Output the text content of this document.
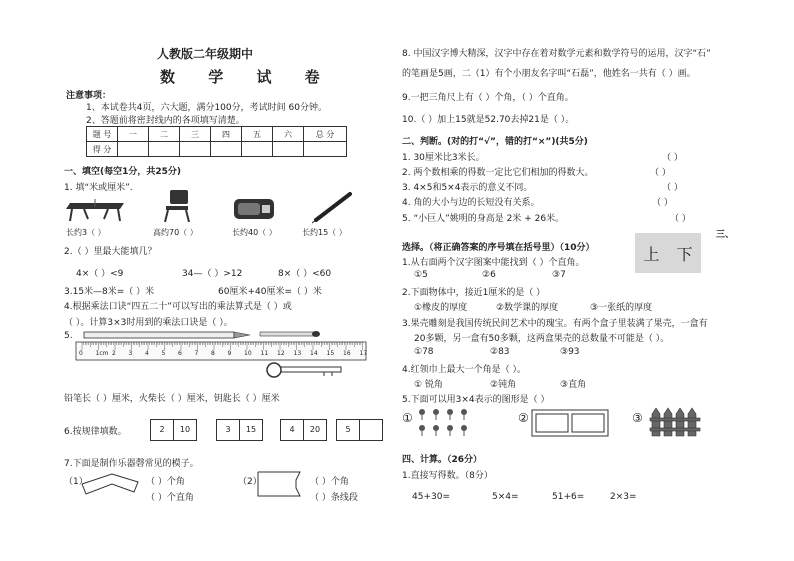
人教版二年级期中
数 学 试 卷
注意事项：
1、本试卷共4页，六大题，满分100分，考试时间 60分钟。
2、答题前将密封线内的各项填写清楚。
题 号	一	二	三	四	五	六	总 分
得 分							
一、填空(每空1分，共25分)
1. 填“米或厘米”.
长约3（ ）	高约70（ ）	长约40（ ）	长约15（ ）
2.（ ）里最大能填几？
4×（ ）<9	34—（ ）>12	8×（ ）<60
3.15米—8米=（ ）米	60厘米+40厘米=（ ）米
4.根据乘法口诀“四五二十”可以写出的乘法算式是（ ）或
（ ）。计算3×3时用到的乘法口诀是（ ）。
5.
0 1cm 2 3 4 5 6 7 8 9 10 11 12 13 14 15 16 17
铅笔长（ ）厘米，火柴长（ ）厘米，钥匙长（ ）厘米
6.按规律填数。	2	10	3	15	4	20	5
7.下面是制作乐器磬常见的模子。
（1）	（ ）个角
（ ）个直角
（2）	（ ）个角
（ ）条线段
8. 中国汉字博大精深，汉字中存在着对数学元素和数学符号的运用，汉字“石”
的笔画是5画，二（1）有个小朋友名字叫“石磊”，他姓名一共有（ ）画。
9.一把三角尺上有（ ）个角，（ ）个直角。
10.（ ）加上15就是52.70去掉21是（ ）。
二、判断。(对的打“√”，错的打“×”)(共5分)
1. 30厘米比3米长。	（ ）
2. 两个数相乘的得数一定比它们相加的得数大。	（ ）
3. 4×5和5×4表示的意义不同。	（ ）
4. 角的大小与边的长短没有关系。	（ ）
5. “小巨人”姚明的身高是 2米 + 26米。	（ ）
三、
选择。（将正确答案的序号填在括号里）（10分）	上 下
1.从右面两个汉字图案中能找到（ ）个直角。
①5	②6	③7
2.下面物体中，接近1厘米的是（ ）
①橡皮的厚度	②数学课的厚度	③一张纸的厚度
3.果壳雕刻是我国传统民间艺术中的瑰宝。有两个盒子里装满了果壳，一盒有
20多颗，另一盒有50多颗，这两盒果壳的总数量不可能是（ ）。
①78	②83	③93
4.红领巾上最大一个角是（ ）。
① 锐角	②钝角	③直角
5.下面可以用3×4表示的图形是（ ）
①	②	③
四、计算。（26分）
1.直接写得数。（8分）
45+30=	5×4=	51+6=	2×3=
